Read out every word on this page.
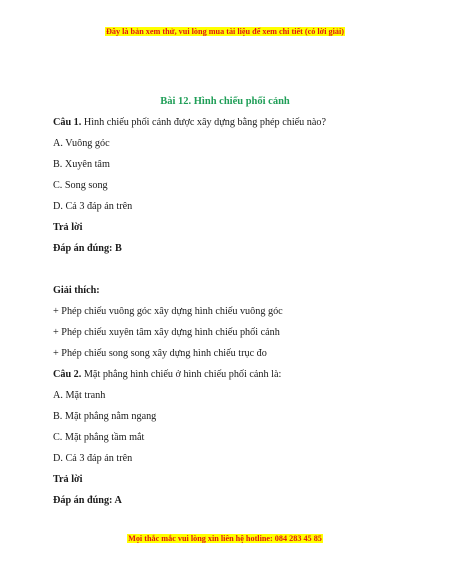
Đây là bản xem thử, vui lòng mua tài liệu để xem chi tiết (có lời giải)
Bài 12. Hình chiếu phối cảnh
Câu 1. Hình chiếu phối cảnh được xây dựng bằng phép chiếu nào?
A. Vuông góc
B. Xuyên tâm
C. Song song
D. Cả 3 đáp án trên
Trả lời
Đáp án đúng: B
Giải thích:
+ Phép chiếu vuông góc xây dựng hình chiếu vuông góc
+ Phép chiếu xuyên tâm xây dựng hình chiếu phối cảnh
+ Phép chiếu song song xây dựng hình chiếu trục đo
Câu 2. Mặt phẳng hình chiếu ở hình chiếu phối cảnh là:
A. Mặt tranh
B. Mặt phẳng nằm ngang
C. Mặt phẳng tầm mắt
D. Cả 3 đáp án trên
Trả lời
Đáp án đúng: A
Mọi thắc mắc vui lòng xin liên hệ hotline: 084 283 45 85
